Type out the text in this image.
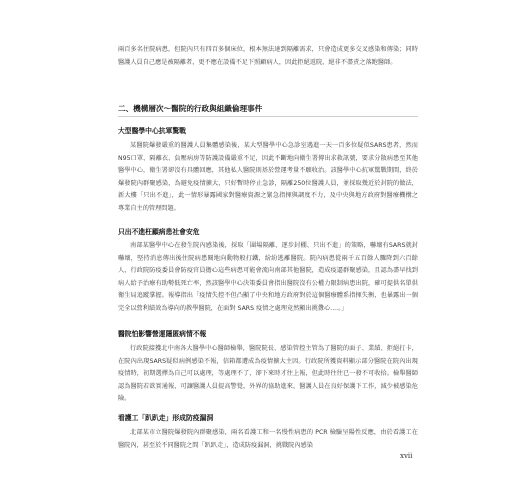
兩百多名住院病患，但院內只有四百多個床位，根本無法達到隔離需求，只會造成更多交叉感染和傳染；同時醫護人員自己應是被隔離者，更不應在設備不足下照顧病人，因此拒絕返院，絕非不盡責之落跑醫師。

二、機構層次～醫院的行政與組織倫理事件

大型醫學中心抗軍驚戰

某醫院爆發嚴重的醫護人員集體感染後，某大型醫學中心急診室遇進一天一百多位疑似SARS患者，然而N95口罩、隔離衣、負壓病房等防護設備嚴重不足，因此不斷地向衛生署傳出求救訊號，要求分散病患至其他醫學中心，衛生署卻沒有具體回應，其他私人醫院則基於營運考量不願收治。該醫學中心抗軍驚戰期間，終於爆發院內群聚感染，為避免疫情擴大，只好暫時停止急診，隔離250位醫護人員，並採取幾近於封院的做法，新大樓「只出不進」，此一情形暴露國家對醫療資源之緊急指揮與調度不力，及中央與地方政府對醫療機構之專業自主的管理問題。

只出不進枉顧病患社會安危

南部某醫學中心在發生院內感染後，採取「圍場隔離、逐步封棚、只出不進」的策略，嚇壞有SARS就封嚇壞，堅持消息傳出後住院病患閱地向動物般打鐵，紛紛逃離醫院。院內病患從兩千五百餘人驟降到六百餘人，行政院防疫委員會防疫官員擔心這些病患可能會流向南部其他醫院，造成疫逼群聚感染，且認為盡早找到病人給予治療有助勢低死亡率，然該醫學中心決策委員會指出醫院沒有公權力限制病患出院，確可提供名單供衛生局追蹤掌握。報導指出「疫情失控不但凸顯了中央和地方政府對於這個醫療體系指揮失衡，也暴露出一個完全以營利績效為導向的教學醫院，在面對 SARS 疫情之處理竟然顯出挑釁心....。」

醫院怕影響營運隱匿病情不報

行政院接獲北中南各大醫學中心醫師檢舉，醫院院長、感染管控主管為了醫院的面子、業績、拒絕打卡，在院內出現SARS疑似病例感染不報，信箱都遭成為疫情擴大主因。行政院所獲資料顯示部分醫院在院內出現疫情時，初期選擇為自己可以處理，等處理不了，卻下來時才往上報，但此時往往已一發不可收拾。檢舉醫師認為醫院若欲實通報，可讓醫護人員提高警覺，外界的協助進來，醫護人員在良好保護下工作，減少被感染危險。

看護工「趴趴走」形成防疫漏洞

北部某市立醫院爆發院內群聚感染，兩名看護工和一名慢性病患的 PCR 檢驗呈陽性反應，由於看護工在醫院內，甚至於不同醫院之間「趴趴走」，造成防疫漏洞，挑戰院內感染

xvii
